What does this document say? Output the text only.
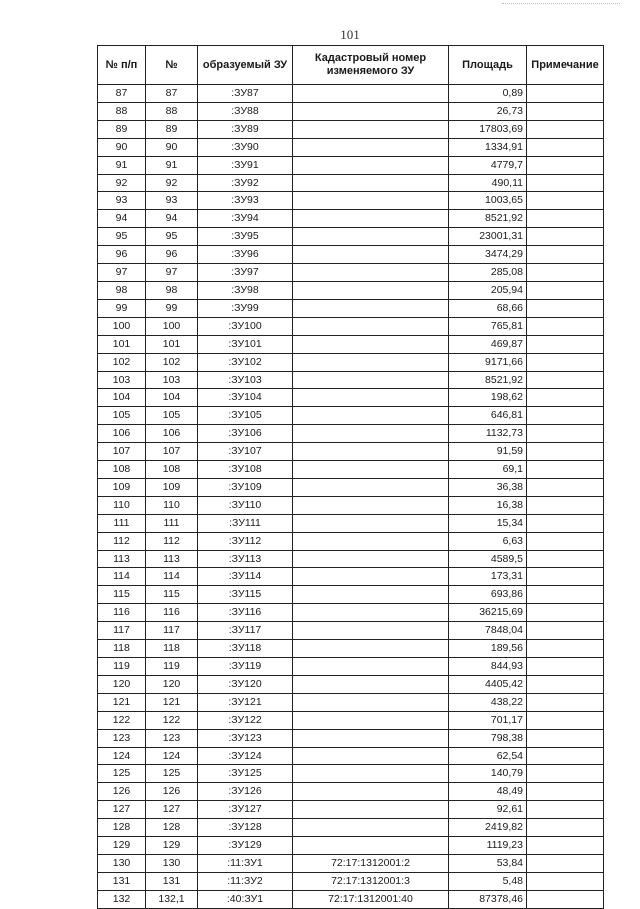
101
№ п/п	№	образуемый ЗУ	Кадастровый номер изменяемого ЗУ	Площадь	Примечание
87	87	:ЗУ87		0,89	
88	88	:ЗУ88		26,73	
89	89	:ЗУ89		17803,69	
90	90	:ЗУ90		1334,91	
91	91	:ЗУ91		4779,7	
92	92	:ЗУ92		490,11	
93	93	:ЗУ93		1003,65	
94	94	:ЗУ94		8521,92	
95	95	:ЗУ95		23001,31	
96	96	:ЗУ96		3474,29	
97	97	:ЗУ97		285,08	
98	98	:ЗУ98		205,94	
99	99	:ЗУ99		68,66	
100	100	:ЗУ100		765,81	
101	101	:ЗУ101		469,87	
102	102	:ЗУ102		9171,66	
103	103	:ЗУ103		8521,92	
104	104	:ЗУ104		198,62	
105	105	:ЗУ105		646,81	
106	106	:ЗУ106		1132,73	
107	107	:ЗУ107		91,59	
108	108	:ЗУ108		69,1	
109	109	:ЗУ109		36,38	
110	110	:ЗУ110		16,38	
111	111	:ЗУ111		15,34	
112	112	:ЗУ112		6,63	
113	113	:ЗУ113		4589,5	
114	114	:ЗУ114		173,31	
115	115	:ЗУ115		693,86	
116	116	:ЗУ116		36215,69	
117	117	:ЗУ117		7848,04	
118	118	:ЗУ118		189,56	
119	119	:ЗУ119		844,93	
120	120	:ЗУ120		4405,42	
121	121	:ЗУ121		438,22	
122	122	:ЗУ122		701,17	
123	123	:ЗУ123		798,38	
124	124	:ЗУ124		62,54	
125	125	:ЗУ125		140,79	
126	126	:ЗУ126		48,49	
127	127	:ЗУ127		92,61	
128	128	:ЗУ128		2419,82	
129	129	:ЗУ129		1119,23	
130	130	:11:ЗУ1	72:17:1312001:2	53,84	
131	131	:11:ЗУ2	72:17:1312001:3	5,48	
132	132,1	:40:ЗУ1	72:17:1312001:40	87378,46	
